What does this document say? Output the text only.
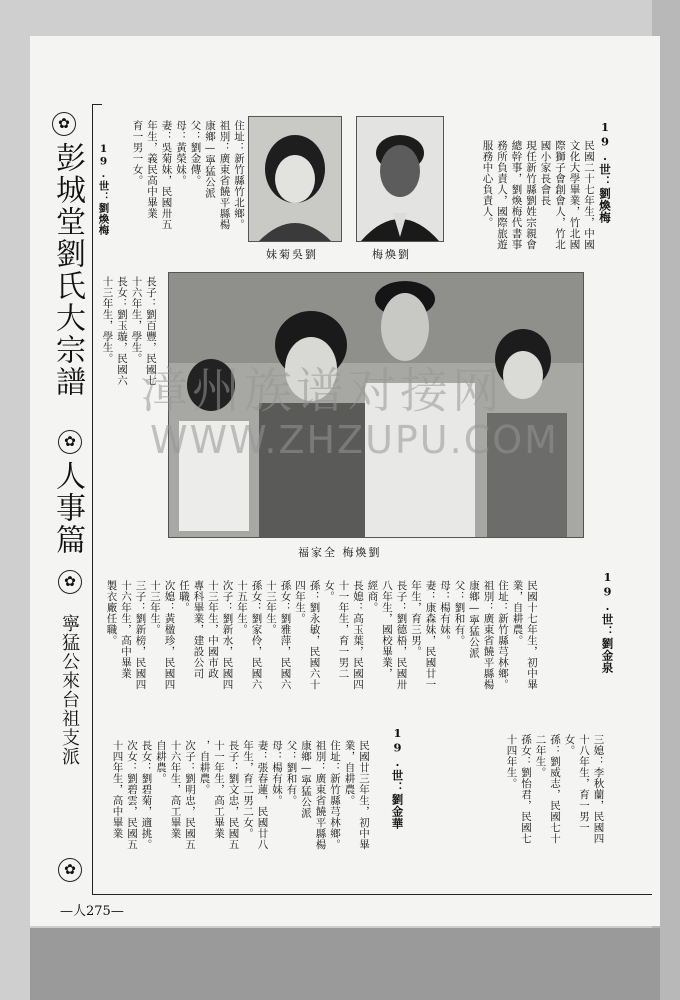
✿
彭城堂劉氏大宗譜
✿
人事篇
✿
寧猛公來台祖支派
✿
—人275—

19.世：劉煥梅	19.世：劉煥梅
民國二十七年生，中國
文化大學畢業，竹北國
際獅子會創會人，竹北
國小家長會長
現任新竹縣劉姓宗親會
總幹事，劉煥梅代書事
務所負責人，國際旅遊
服務中心負責人。
妹菊吳劉	梅煥劉
住址：新竹縣竹北鄉。
祖別：廣東省饒平縣楊
康鄉—寧猛公派
父：劉金傳。
母：黃榮妹。
妻：吳菊妹，民國卅五
年生，義民高中畢業
育一男一女。
長子：劉百豐，民國七
十六年生，學生。
長女：劉玉璇，民國六
十三年生，學生。
福家全 梅煥劉
19.世：劉金泉
民國十七年生，初中畢
業，自耕農。
住址：新竹縣芎林鄉。
祖別：廣東省饒平縣楊
康鄉—寧猛公派
父：劉和有。
母：楊有妹。
妻：康森妹，民國廿一
年生，育三男。
長子：劉德梧，民國卅
八年生，國校畢業，
經商。
長媳：高玉葉，民國四
十一年生，育一男二
女。
孫：劉永敏，民國六十
四年生。
孫女：劉雅萍，民國六
十三年生。
孫女：劉家伶，民國六
十五年生。
次子：劉新水，民國四
十三年生，中國市政
專科畢業，建設公司
任職。
次媳：黃楹珍，民國四
十三年生。
三子：劉新榜，民國四
十六年生，高中畢業
製衣廠任職。
三媳：李秋蘭，民國四
十八年生，育一男一
女。
孫：劉威志，民國七十
二年生。
孫女：劉怡君，民國七
十四年生。
19.世：劉金華
民國廿三年生，初中畢
業，自耕農。
住址：新竹縣芎林鄉。
祖別：廣東省饒平縣楊
康鄉—寧猛公派
父：劉和有。
母：楊有妹。
妻：張春蓮，民國廿八
年生，育二男二女。
長子：劉文忠，民國五
十一年生，高工畢業
，自耕農。
次子：劉明忠，民國五
十六年生，高工畢業
自耕農。
長女：劉碧菊，適挑。
次女：劉碧雲，民國五
十四年生，高中畢業
漳州族谱对接网
WWW.ZHZUPU.COM
